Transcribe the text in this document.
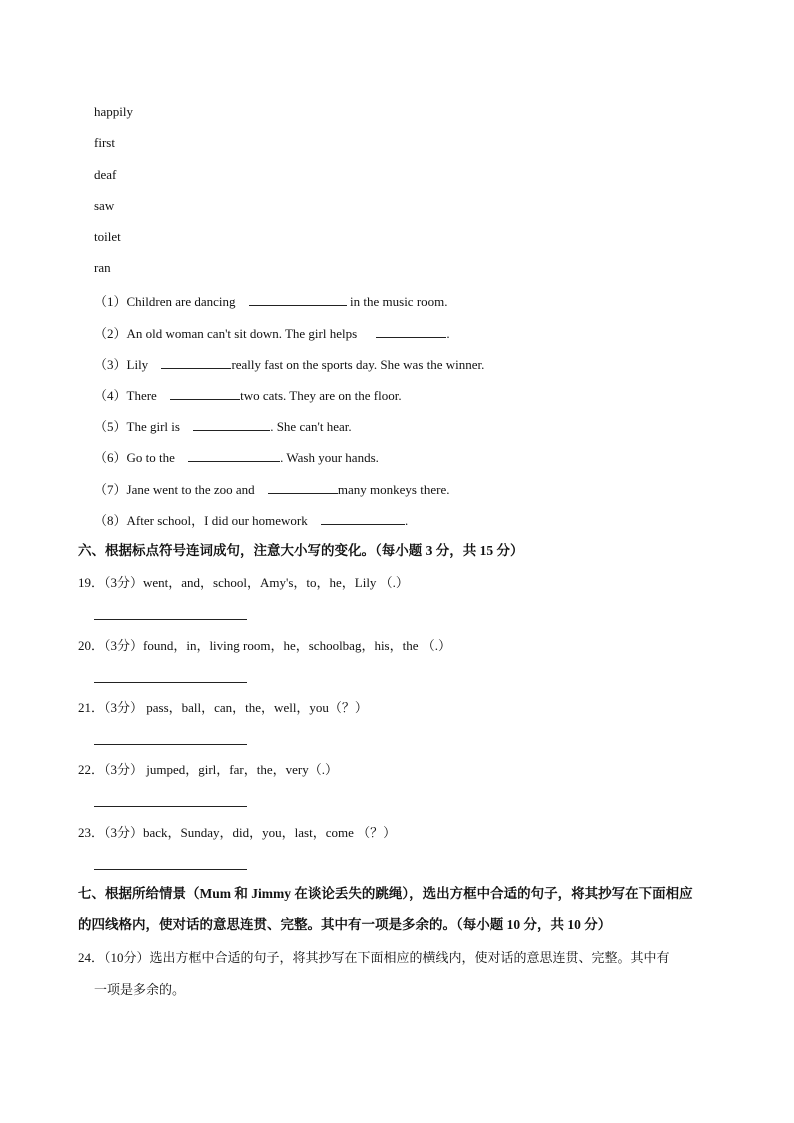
happily
first
deaf
saw
toilet
ran
（1）Children are dancing	in the music room.
（2）An old woman can't sit down. The girl helps	.
（3）Lily	really fast on the sports day. She was the winner.
（4）There	two cats. They are on the floor.
（5）The girl is	. She can't hear.
（6）Go to the	. Wash your hands.
（7）Jane went to the zoo and	many monkeys there.
（8）After school，I did our homework	.
六、根据标点符号连词成句，注意大小写的变化。（每小题 3 分，共 15 分）
19．（3分）went，and，school，Amy's，to，he，Lily （.）
20．（3分）found，in，living room，he，schoolbag，his，the （.）
21．（3分） pass，ball，can，the，well，you（？）
22．（3分） jumped，girl，far，the，very（.）
23．（3分）back，Sunday，did，you，last，come （？）
七、根据所给情景（Mum 和 Jimmy 在谈论丢失的跳绳），选出方框中合适的句子，将其抄写在下面相应
的四线格内，使对话的意思连贯、完整。其中有一项是多余的。（每小题 10 分，共 10 分）
24．（10分）选出方框中合适的句子，将其抄写在下面相应的横线内，使对话的意思连贯、完整。其中有
一项是多余的。
